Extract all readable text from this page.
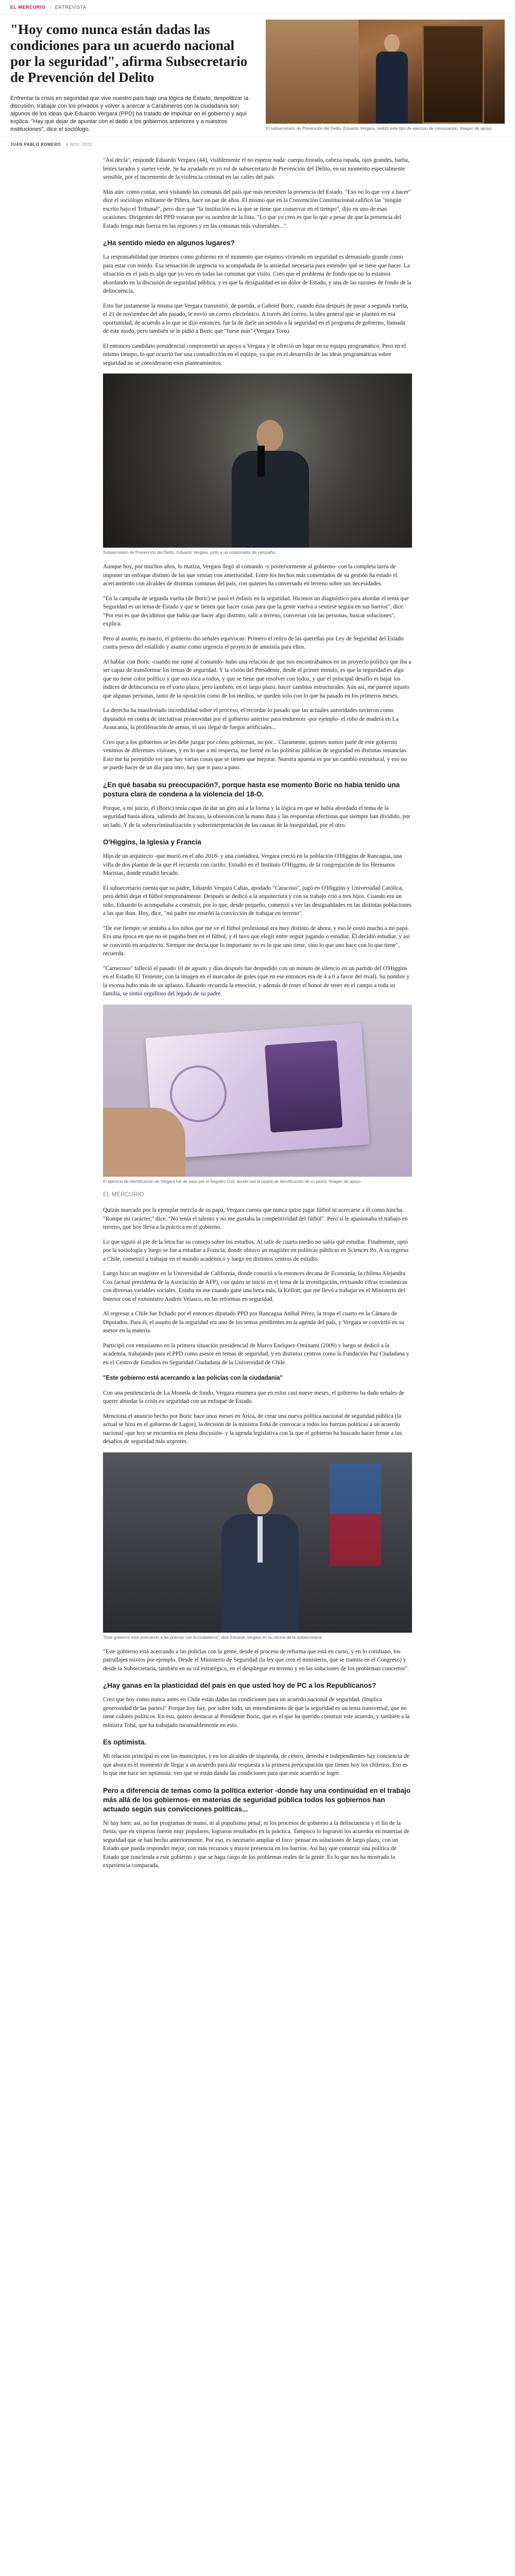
EL MERCURIO | ENTREVISTA
"Hoy como nunca están dadas las condiciones para un acuerdo nacional por la seguridad", afirma Subsecretario de Prevención del Delito

Enfrentar la crisis en seguridad que vive nuestro país bajo una lógica de Estado, despolitizar la discusión, trabajar con los privados y volver a acercar a Carabineros con la ciudadanía son algunos de los ideas que Eduardo Vergara (PPD) ha tratado de impulsar en el gobierno y aquí explica. "Hay que dejar de apuntar con el dedo a los gobiernos anteriores y a nuestros instituciones", dice el sociólogo.	El subsecretario de Prevención del Delito, Eduardo Vergara, realizó este tipo de ejercicio de convocación. Imagen de apoyo.

JUAN PABLO ROMERO 4 NOV. 2022

"Así decía", responde Eduardo Vergara (44), visiblemente el no esperar nada: cuerpo frorado, cabeza rapada, ojos grandes, barba, lentes tarados y sueter verde. Se ha ayudado en yo rol de subsecretario de Prevención del Delito, en un momento especialmente sensible, por el incremento de la violencia criminal en las calles del país.

Más aún: como contar, será visitando las comunas del país que más necesiten la presencia del Estado. "Eso no lo que voy a hacer" dice el sociólogo militante de Piñera, hace un par de años. El mismo que en la Convención Constitucional calificó las "ningún escrito bajo el Tribunal", pero dice que "la institución es la que se tiene que conservar en el tiempo", dijo en uno de esas ocasiones. Dirigentes del PPD votaron por su nombre de la lista. "Lo que yo creo es que lo que a pesar de que la presencia del Estado tenga más fuerza en las regiones y en las comunas más vulnerables...".

¿Ha sentido miedo en algunos lugares?

La responsabilidad que tenemos como gobierno en el momento que estamos viviendo en seguridad es demasiado grande como para estar con miedo. Esa sensación de urgencia va acompañada de la ansiedad necesaria para entender qué se tiene que hacer. La situación en el país es algo que yo veo en todas las comunas que visito. Creo que el problema de fondo que no lo estamos abordando en la discusión de seguridad pública, y es que la desigualdad es un dolor de Estado, y una de las razones de fondo de la delincuencia.

Esto fue justamente la misma que Vergara transmitió, de partida, a Gabriel Boric, cuando ésta después de pasar a segunda vuelta, el 21 de noviembre del año pasado, le envió un correo electrónico. A través del correo, la idea general que se planteó en esa oportunidad, de acuerdo a lo que se dijo entonces, fue la de darle un sentido a la seguridad en el programa de gobierno, llamada de este modo, pero también se le pidió a Boric que "fuese más" (Vergara Toro).

El entonces candidato presidencial comprometió un apoyo a Vergara y le ofreció un lugar en su equipo programático. Pero en el mismo tiempo, lo que ocurrió fue una contradicción en el equipo, ya que en el desarrollo de las ideas programáticas sobre seguridad no se consideraron esos planteamientos.

Subsecretario de Prevención del Delito, Eduardo Vergara, junto a un colaborador de campaña.

Aunque hoy, por muchos años, lo matiza, Vergara llegó al comando -y posteriormente al gobierno- con la completa tarea de imponer un enfoque distinto de las que venían con anterioridad. Entre los hechos más comentados de su gestión ha estado el acercamiento con alcaldes de distintas comunas del país, con quienes ha conversado en terreno sobre sus necesidades.

"En la campaña de segunda vuelta (de Boric) se pasó el énfasis en la seguridad. Hicimos un diagnóstico para abordar el tema que Seguridad es un tema de Estado y que se tienen que hacer cosas para que la gente vuelva a sentirse segura en sus barrios", dice. "Por eso es que decidimos que había que hacer algo distinto, salir a terreno, conversar con las personas, buscar soluciones", explica.

Pero al asumir, en marzo, el gobierno dio señales equívocas: Primero el retiro de las querellas por Ley de Seguridad del Estado contra presos del estallido y asumir como urgencia el proyecto de amnistía para ellos.

Al hablar con Boric -cuando me sumé al comando- hubo una relación de que nos encontrábamos en un proyecto político que iba a ser capaz de transformar los temas de seguridad. Y la visión del Presidente, desde el primer minuto, es que la seguridad es algo que no tiene color político y que nos toca a todos, y que se tiene que resolver con todos, y que el principal desafío es bajar los índices de delincuencia en el corto plazo, pero también, en el largo plazo, hacer cambios estructurales. Aún así, me parece injusto que algunas personas, tanto de la oposición como de los medios, se queden solo con lo que ha pasado en los primeros meses.

La derecha ha manifestado incredulidad sobre el proceso, el recordar lo pasado que las actuales autoridades tuvieron como diputados en contra de iniciativas promovidas por el gobierno anterior para endurecer -por ejemplo- el robo de madera en La Araucanía, la proliferación de armas, el uso ilegal de fuegos artificiales...

Creo que a los gobiernos se les debe juzgar por cómo gobiernan, no por... Claramente, quienes somos parte de este gobierno venimos de diferentes visiones, y en lo que a mí respecta, me formé en las políticas públicas de seguridad en distintas instancias. Esto me ha permitido ver que hay varias cosas que se tienen que mejorar. Nuestra apuesta es por un cambio estructural, y eso no se puede hacer de un día para otro, hay que ir paso a paso.

¿En qué basaba su preocupación?, porque hasta ese momento Boric no había tenido una postura clara de condena a la violencia del 18-O.

Porque, a mi juicio, él (Boric) tenía capas de dar un giro así a la forma y la lógica en que se había abordado el tema de la seguridad hasta ahora, saliendo del fracaso, la obsesión con la mano dura y las respuestas efectistas que siempre han dividido, por un lado. Y de la sobrecriminalización y sobreinterpretación de las causas de la inseguridad, por el otro.

O'Higgins, la Iglesia y Francia

Hijo de un arquitecto -que murió en el año 2018- y una contadora, Vergara creció en la población O'Higgins de Rancagua, una villa de dos plantas de la que él recuerda con cariño. Estudió en el Instituto O'Higgins, de la congregación de los Hermanos Maristas, donde estudió becado.

El subsecretario cuenta que su padre, Eduardo Vergara Cabas, apodado "Caracoso", jugó en O'Higgins y Universidad Católica, pero debió dejar el fútbol tempranamente. Después se dedicó a la arquitectura y con su trabajo crió a tres hijos. Cuando era un niño, Eduardo lo acompañaba a construir, por lo que, desde pequeño, comenzó a ver las desigualdades en las distintas poblaciones a las que iban. Hoy, dice, "mi padre me enseñó la convicción de trabajar en terreno".

"De ese tiempo: se sentaba a los niños que me ve el fútbol profesional era muy distinto de ahora, y eso le costó mucho a mi papá. Era una época en que no se pagaba bien en el fútbol, y él tuvo que elegir entre seguir jugando o estudiar. Él decidió estudiar, y así se convirtió en arquitecto. Siempre me decía que lo importante no es lo que uno tiene, sino lo que uno hace con lo que tiene", recuerda.

"Carnecoso" falleció el pasado 10 de agosto y días después fue despedido con un minuto de silencio en un partido del O'Higgins en el Estadio El Teniente; con la imagen en el marcador de goles (que en ese entonces era de 4 a 0 a favor del rival). Su nombre y la escena hubo más de un aplauso. Eduardo recuerda la emoción, y además de tener el honor de tener en el campo a toda su familia, se sintió orgulloso del legado de su padre.

El ejercicio de identificación de Vergara fue de paso por el Registro Civil, donde usó la tarjeta de identificación de su padre. Imagen de apoyo.

EL MERCURIO

Quizás marcado por la ejemplar mezcla de su papá, Vergara cuenta que nunca quiso jugar fútbol ni acercarse a él como hincha. "Rompe mi carácter," dice. "No tenía el talento y no me gustaba la competitividad del fútbol". Pero sí le apasionaba el trabajo en terreno, que hoy lleva a la práctica en el gobierno.

Lo que siguió al pie de la letra fue su consejo sobre los estudios. Al salir de cuarto medio no sabía qué estudiar. Finalmente, optó por la sociología y luego se fue a estudiar a Francia, donde obtuvo un magíster en políticas públicas en Sciences Po. A su regreso a Chile, comenzó a trabajar en el mundo académico y luego en distintos centros de estudio.

Luego hizo un magíster en la Universidad de California, donde conoció a la entonces decana de Economía, la chilena Alejandra Cox (actual presidenta de la Asociación de AFP), con quien se inició en el tema de la investigación, revisando cifras económicas con diversas variables sociales. Estaba en ese cuando gané una beca más, la Kellott, que me llevó a trabajar en el Ministerio del Interior con el exministro Andrés Velasco, en las reformas en seguridad.

Al regresar a Chile fue fichado por el entonces diputado PPD por Rancagua Aníbal Pérez, la tropa el cuarto en la Cámara de Diputados. Para él, el asunto de la seguridad era uno de los temas pendientes en la agenda del país, y Vergara se convirtió en su asesor en la materia.

Participó con entusiasmo en la primera situación presidencial de Marco Enríquez-Ominami (2009) y luego se dedicó a la academia, trabajando para el PPD como asesor en temas de seguridad, y en distintos centros como la Fundación Paz Ciudadana y en el Centro de Estudios en Seguridad Ciudadana de la Universidad de Chile.

"Este gobierno está acercando a las policías con la ciudadanía"

Con una penitenciería de La Moneda de fondo, Vergara enumera que en estos casi nueve meses, el gobierno ha dado señales de querer abordar la crisis en seguridad con un enfoque de Estado.

Menciona el anuncio hecho por Boric hace unos meses en Arica, de crear una nueva política nacional de seguridad pública (la actual se hizo en el gobierno de Lagos), la decisión de la ministra Tohá de convocar a todos los fuerzas políticas a un acuerdo nacional -que hoy se encuentra en plena discusión- y la agenda legislativa con la que el gobierno ha buscado hacer frente a los desafíos de seguridad más urgentes.

"Este gobierno está acercando a las policías con la ciudadanía", dice Eduardo Vergara en su oficina de la subsecretaría.

"Este gobierno está acercando a las policías con la gente, desde el proceso de reforma que está en curso, y en lo cotidiano, los patrullajes mixtos por ejemplo. Desde el Ministerio de Seguridad (la ley que crea el ministerio, que se tramita en el Congreso) y desde la Subsecretaría, también en su rol estratégico, en el despliegue en terreno y en las soluciones de los problemas concretos".

¿Hay ganas en la plasticidad del país en que usted hoy de PC a los Republicanos?

Creo que hoy como nunca antes en Chile están dadas las condiciones para un acuerdo nacional de seguridad. (Implica generosidad de las partes)" Porque hoy hay, por sobre todo, un entendimiento de que la seguridad es un tema transversal, que no tiene colores políticos. En eso, quiero destacar al Presidente Boric, que es el que ha querido construir este acuerdo, y también a la ministra Tohá, que ha trabajado incansablemente en esto.

Es optimista.

Mi relación principal es con los municipios, y en los alcaldes de izquierda, de centro, derecha e independientes hay conciencia de que ahora es el momento de llegar a un acuerdo para dar respuesta a la primera preocupación que tienen hoy los chilenos. Eso es lo que me hace ser optimista: veo que se están dando las condiciones para que este acuerdo se logre.

Pero a diferencia de temas como la política exterior -donde hay una continuidad en el trabajo más allá de los gobiernos- en materias de seguridad pública todos los gobiernos han actuado según sus convicciones políticas...

Ni hay bien: así, no fue programas de mano, ni al populismo penal, ni los procesos de gobierno a la delincuencia y el fin de la fiesta, que en vísperas fueron muy populares, lograron resultados en la práctica. Tampoco lo lograron los acuerdos en materias de seguridad que se han hecho anteriormente. Por eso, es necesario ampliar el foco: pensar en soluciones de largo plazo, con un Estado que pueda responder mejor, con más recursos y mayor presencia en los barrios. Así hay que construir una política de Estado que trascienda a este gobierno y que se haga cargo de los problemas reales de la gente. Es lo que nos ha mostrado la experiencia comparada.
